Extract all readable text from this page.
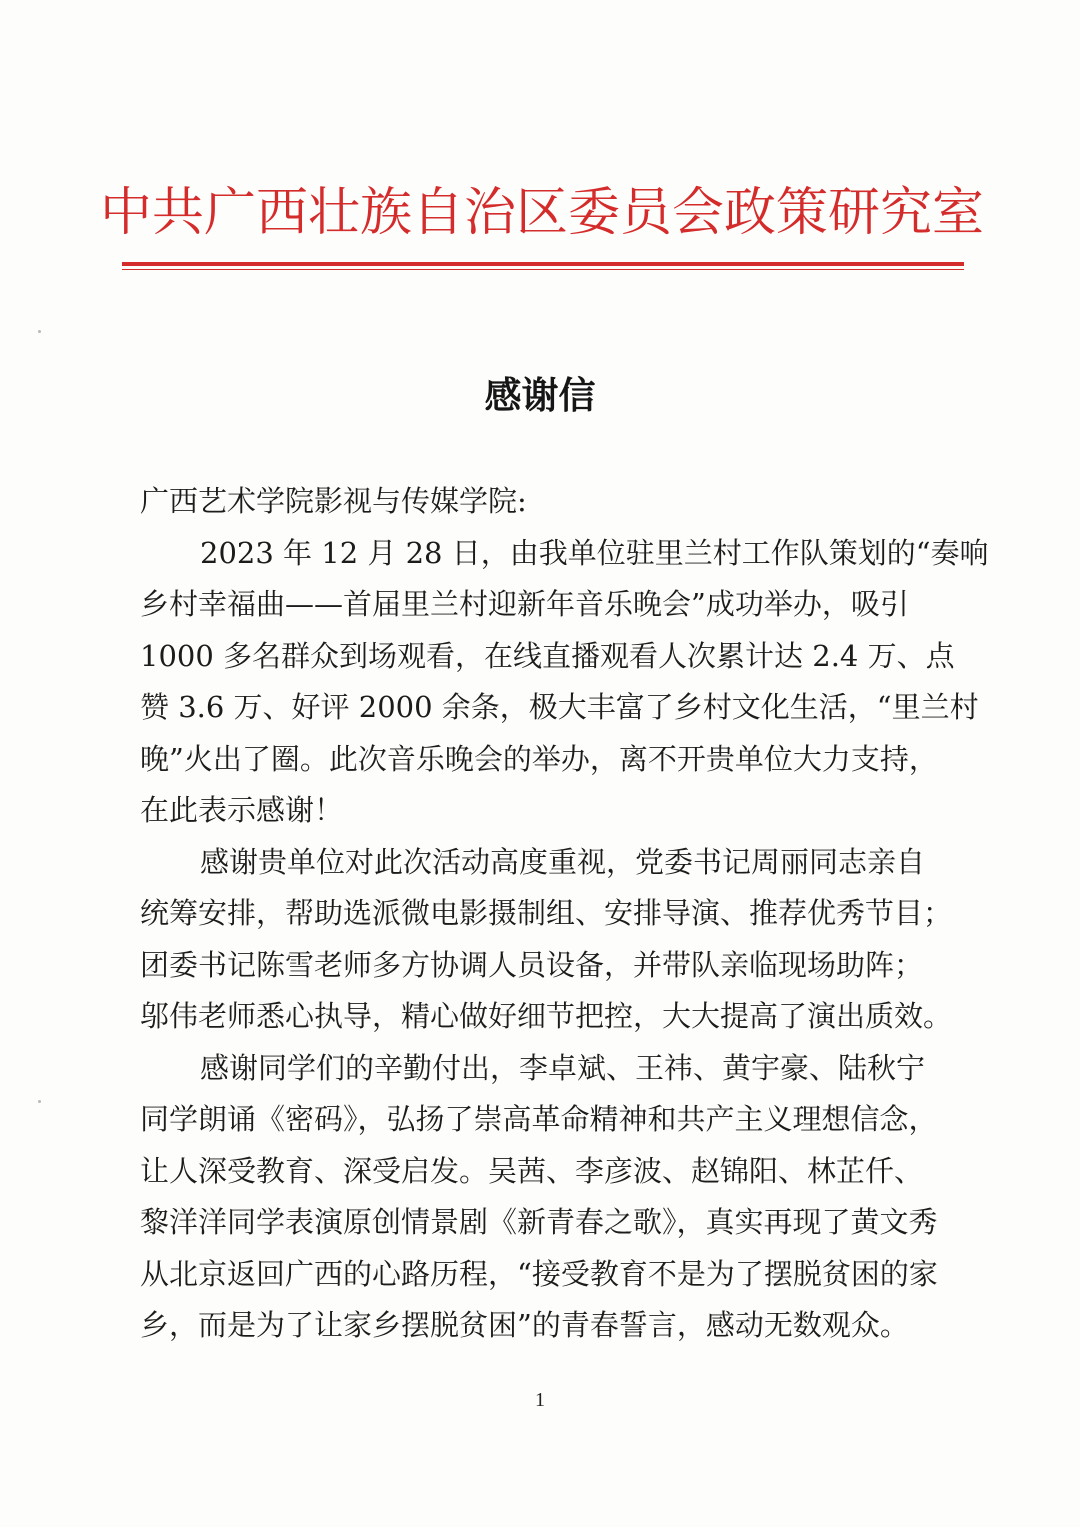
中共广西壮族自治区委员会政策研究室
感谢信
广西艺术学院影视与传媒学院:
2023 年 12 月 28 日，由我单位驻里兰村工作队策划的“奏响
乡村幸福曲——首届里兰村迎新年音乐晚会”成功举办，吸引
1000 多名群众到场观看，在线直播观看人次累计达 2.4 万、点
赞 3.6 万、好评 2000 余条，极大丰富了乡村文化生活，“里兰村
晚”火出了圈。此次音乐晚会的举办，离不开贵单位大力支持，
在此表示感谢！
感谢贵单位对此次活动高度重视，党委书记周丽同志亲自
统筹安排，帮助选派微电影摄制组、安排导演、推荐优秀节目；
团委书记陈雪老师多方协调人员设备，并带队亲临现场助阵；
邬伟老师悉心执导，精心做好细节把控，大大提高了演出质效。
感谢同学们的辛勤付出，李卓斌、王祎、黄宇豪、陆秋宁
同学朗诵《密码》，弘扬了崇高革命精神和共产主义理想信念，
让人深受教育、深受启发。吴茜、李彦波、赵锦阳、林芷仟、
黎洋洋同学表演原创情景剧《新青春之歌》，真实再现了黄文秀
从北京返回广西的心路历程，“接受教育不是为了摆脱贫困的家
乡，而是为了让家乡摆脱贫困”的青春誓言，感动无数观众。
1
